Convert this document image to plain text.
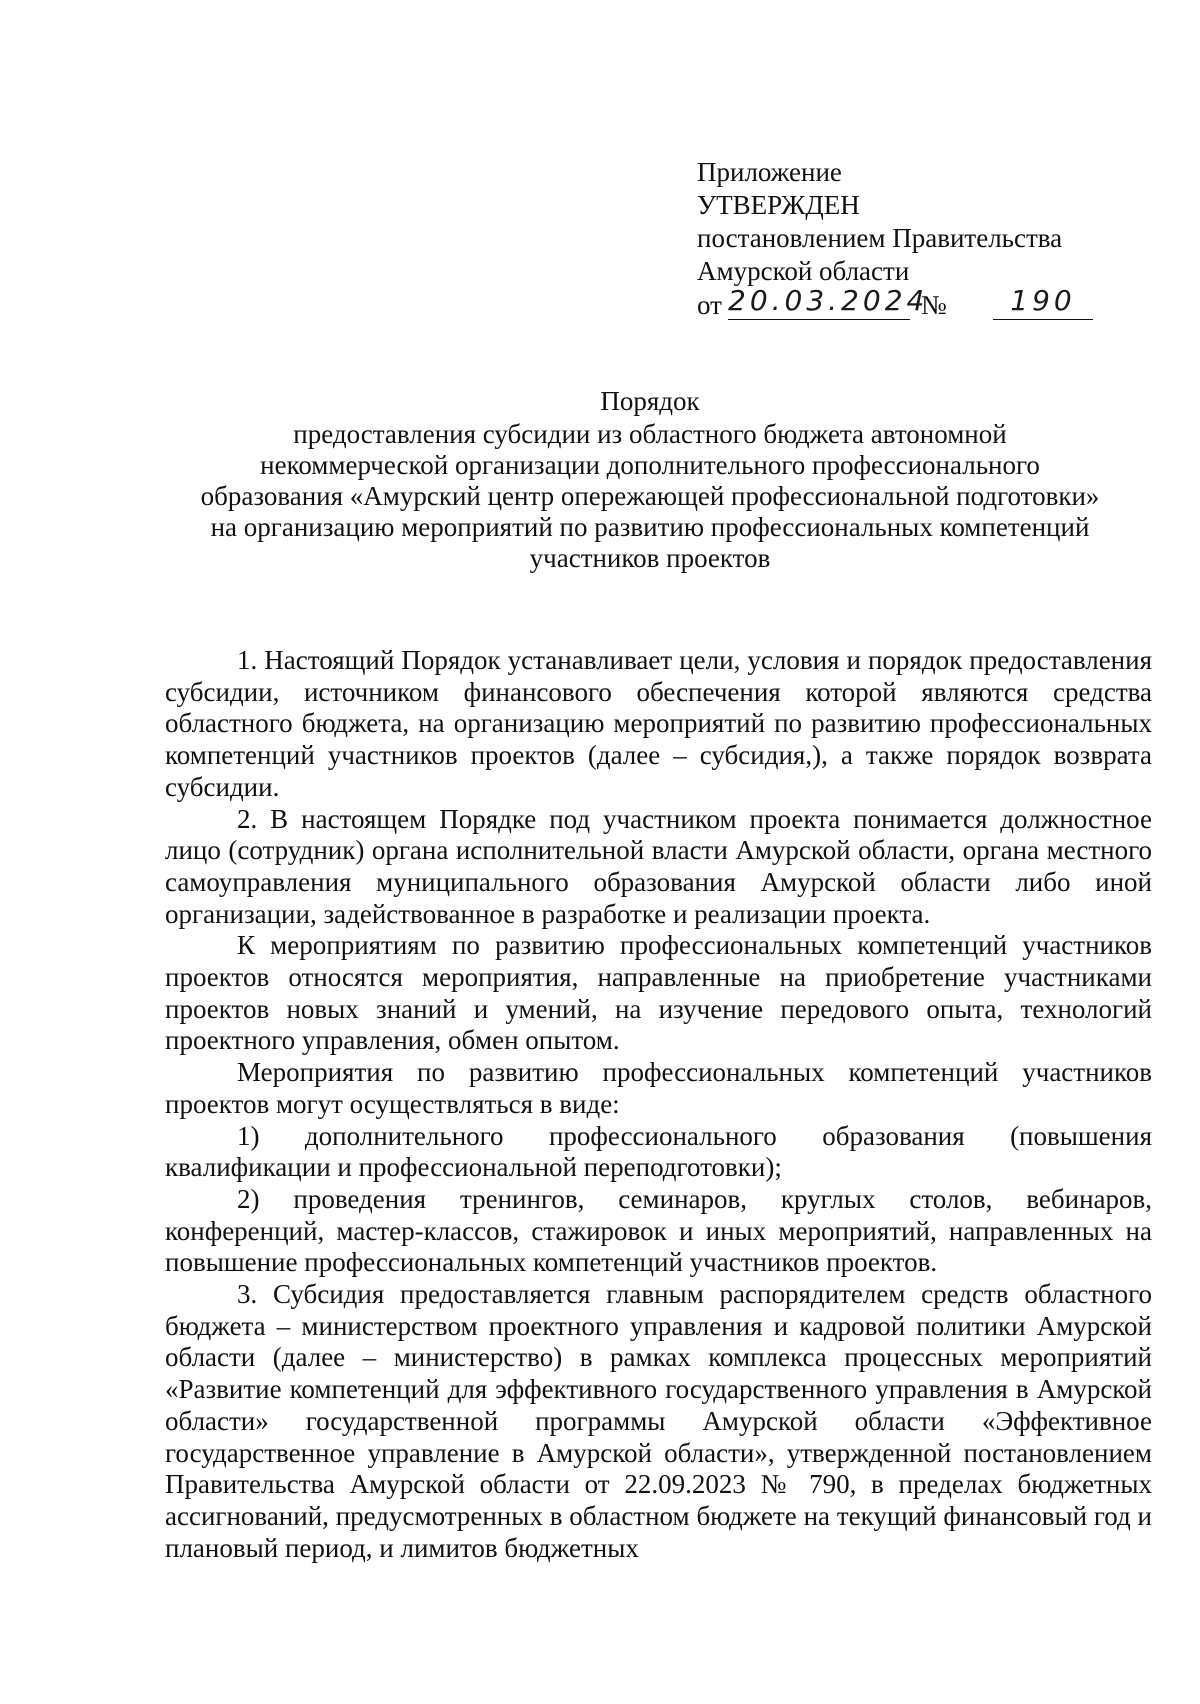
Приложение
УТВЕРЖДЕН
постановлением Правительства
Амурской области
от 20.03.2024
№	190
Порядок
предоставления субсидии из областного бюджета автономной
некоммерческой организации дополнительного профессионального
образования «Амурский центр опережающей профессиональной подготовки»
на организацию мероприятий по развитию профессиональных компетенций
участников проектов

1. Настоящий Порядок устанавливает цели, условия и порядок предоставления субсидии, источником финансового обеспечения которой являются средства областного бюджета, на организацию мероприятий по развитию профессиональных компетенций участников проектов (далее – субсидия,), а также порядок возврата субсидии.

2. В настоящем Порядке под участником проекта понимается должностное лицо (сотрудник) органа исполнительной власти Амурской области, органа местного самоуправления муниципального образования Амурской области либо иной организации, задействованное в разработке и реализации проекта.

К мероприятиям по развитию профессиональных компетенций участников проектов относятся мероприятия, направленные на приобретение участниками проектов новых знаний и умений, на изучение передового опыта, технологий проектного управления, обмен опытом.

Мероприятия по развитию профессиональных компетенций участников проектов могут осуществляться в виде:

1) дополнительного профессионального образования (повышения квалификации и профессиональной переподготовки);

2) проведения тренингов, семинаров, круглых столов, вебинаров, конференций, мастер-классов, стажировок и иных мероприятий, направленных на повышение профессиональных компетенций участников проектов.

3. Субсидия предоставляется главным распорядителем средств областного бюджета – министерством проектного управления и кадровой политики Амурской области (далее – министерство) в рамках комплекса процессных мероприятий «Развитие компетенций для эффективного государственного управления в Амурской области» государственной программы Амурской области «Эффективное государственное управление в Амурской области», утвержденной постановлением Правительства Амурской области от 22.09.2023 № 790, в пределах бюджетных ассигнований, предусмотренных в областном бюджете на текущий финансовый год и плановый период, и лимитов бюджетных
